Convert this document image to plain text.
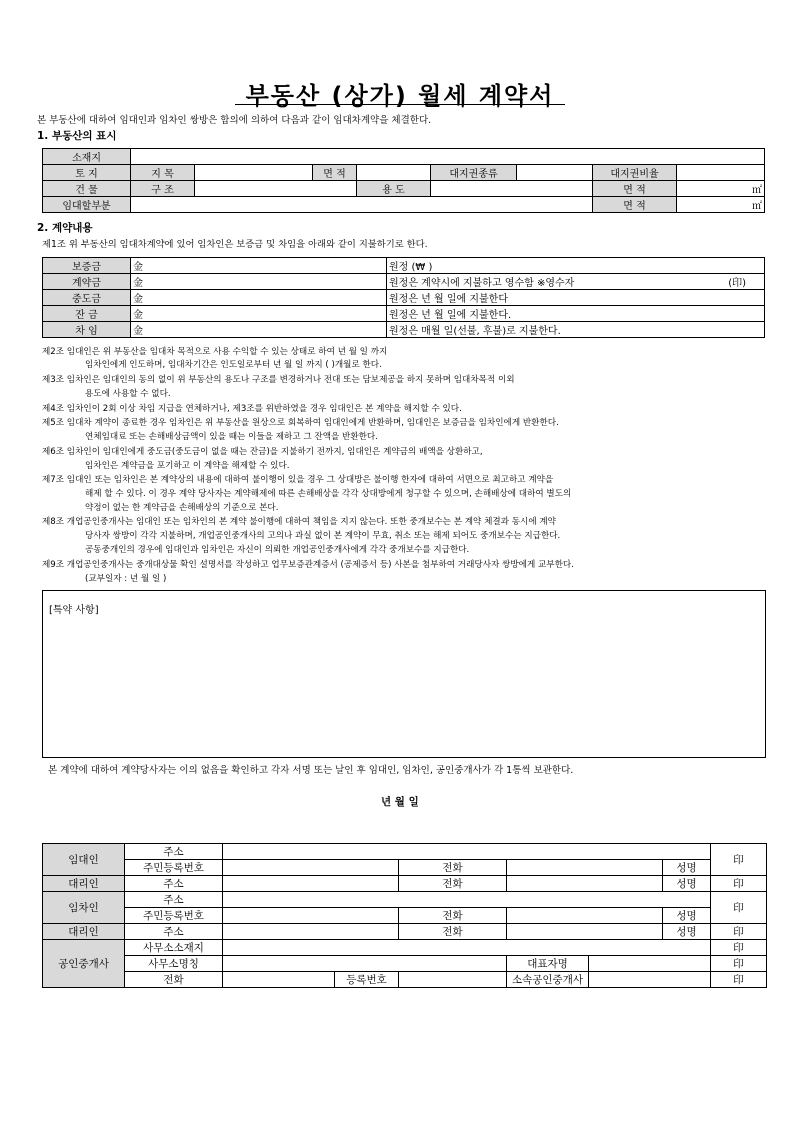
부동산 (상가) 월세 계약서
본 부동산에 대하여 임대인과 임차인 쌍방은 합의에 의하여 다음과 같이 임대차계약을 체결한다.
1. 부동산의 표시
소재지								
토 지	지 목		면 적		대지권종류		대지권비율	
건 물	구 조			용 도			면 적	㎡
임대할부분							면 적	㎡
2. 계약내용
제1조 위 부동산의 임대차계약에 있어 임차인은 보증금 및 차임을 아래와 같이 지불하기로 한다.
보증금	金	원정 (₩ )
계약금	金	원정은 계약시에 지불하고 영수함 ※영수자 (印)

중도금	金	원정은 년 월 일에 지불한다
잔 금	金	원정은 년 월 일에 지불한다.
차 임	金	원정은 매월 일(선불, 후불)로 지불한다.
제2조 임대인은 위 부동산을 임대차 목적으로 사용 수익할 수 있는 상태로 하여 년 월 일 까지
임차인에게 인도하며, 임대차기간은 인도일로부터 년 월 일 까지 ( )개월로 한다.
제3조 임차인은 임대인의 동의 없이 위 부동산의 용도나 구조를 변경하거나 전대 또는 담보제공을 하지 못하며 임대차목적 이외
용도에 사용할 수 없다.
제4조 임차인이 2회 이상 차임 지급을 연체하거나, 제3조를 위반하였을 경우 임대인은 본 계약을 해지할 수 있다.
제5조 임대차 계약이 종료한 경우 임차인은 위 부동산을 원상으로 회복하여 임대인에게 반환하며, 임대인은 보증금을 임차인에게 반환한다.
연체임대료 또는 손해배상금액이 있을 때는 이들을 제하고 그 잔액을 반환한다.
제6조 임차인이 임대인에게 중도금(중도금이 없을 때는 잔금)을 지불하기 전까지, 임대인은 계약금의 배액을 상환하고,
임차인은 계약금을 포기하고 이 계약을 해제할 수 있다.
제7조 임대인 또는 임차인은 본 계약상의 내용에 대하여 불이행이 있을 경우 그 상대방은 불이행 한자에 대하여 서면으로 최고하고 계약을
해제 할 수 있다. 이 경우 계약 당사자는 계약해제에 따른 손해배상을 각각 상대방에게 청구할 수 있으며, 손해배상에 대하여 별도의
약정이 없는 한 계약금을 손해배상의 기준으로 본다.
제8조 개업공인중개사는 임대인 또는 임차인의 본 계약 불이행에 대하여 책임을 지지 않는다. 또한 중개보수는 본 계약 체결과 동시에 계약
당사자 쌍방이 각각 지불하며, 개업공인중개사의 고의나 과실 없이 본 계약이 무효, 취소 또는 해제 되어도 중개보수는 지급한다.
공동중개인의 경우에 임대인과 임차인은 자신이 의뢰한 개업공인중개사에게 각각 중개보수를 지급한다.
제9조 개업공인중개사는 중개대상물 확인 설명서를 작성하고 업무보증관계증서 (공제증서 등) 사본을 첨부하여 거래당사자 쌍방에게 교부한다.
(교부일자 : 년 월 일 )
[특약 사항]
본 계약에 대하여 계약당사자는 이의 없음을 확인하고 각자 서명 또는 날인 후 임대인, 임차인, 공인중개사가 각 1통씩 보관한다.
년 월 일
임대인	주소							印	
	주민등록번호			전화			성명		
대리인	주소			전화			성명	印	
임차인	주소							印	
	주민등록번호			전화			성명		
대리인	주소			전화			성명	印	
공인중개사	사무소소재지							印	
	사무소명칭				대표자명			印	
	전화		등록번호		소속공인중개사			印	
